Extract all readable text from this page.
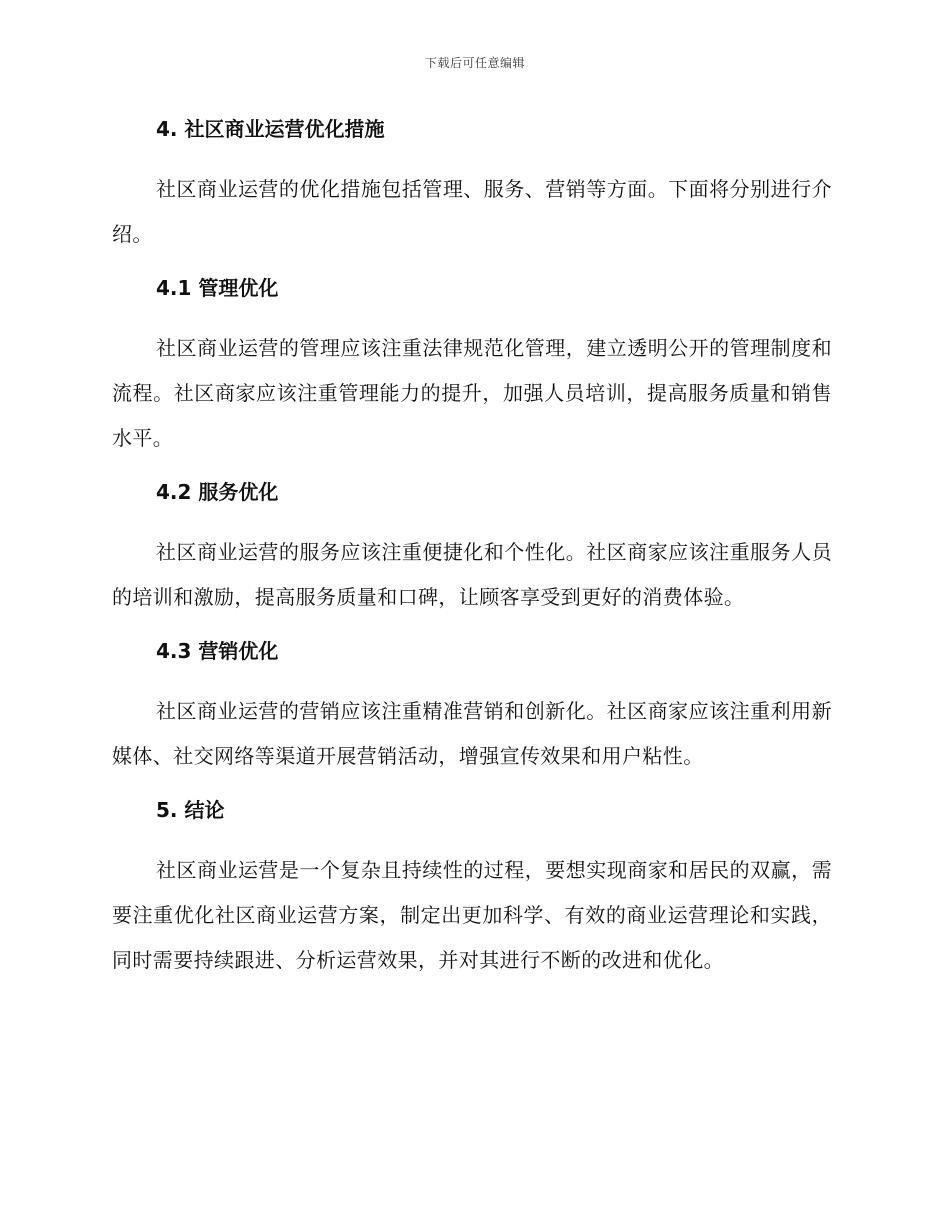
下载后可任意编辑
4. 社区商业运营优化措施

社区商业运营的优化措施包括管理、服务、营销等方面。下面将分别进行介绍。

4.1 管理优化

社区商业运营的管理应该注重法律规范化管理，建立透明公开的管理制度和流程。社区商家应该注重管理能力的提升，加强人员培训，提高服务质量和销售水平。

4.2 服务优化

社区商业运营的服务应该注重便捷化和个性化。社区商家应该注重服务人员的培训和激励，提高服务质量和口碑，让顾客享受到更好的消费体验。

4.3 营销优化

社区商业运营的营销应该注重精准营销和创新化。社区商家应该注重利用新媒体、社交网络等渠道开展营销活动，增强宣传效果和用户粘性。

5. 结论

社区商业运营是一个复杂且持续性的过程，要想实现商家和居民的双赢，需要注重优化社区商业运营方案，制定出更加科学、有效的商业运营理论和实践，同时需要持续跟进、分析运营效果，并对其进行不断的改进和优化。
